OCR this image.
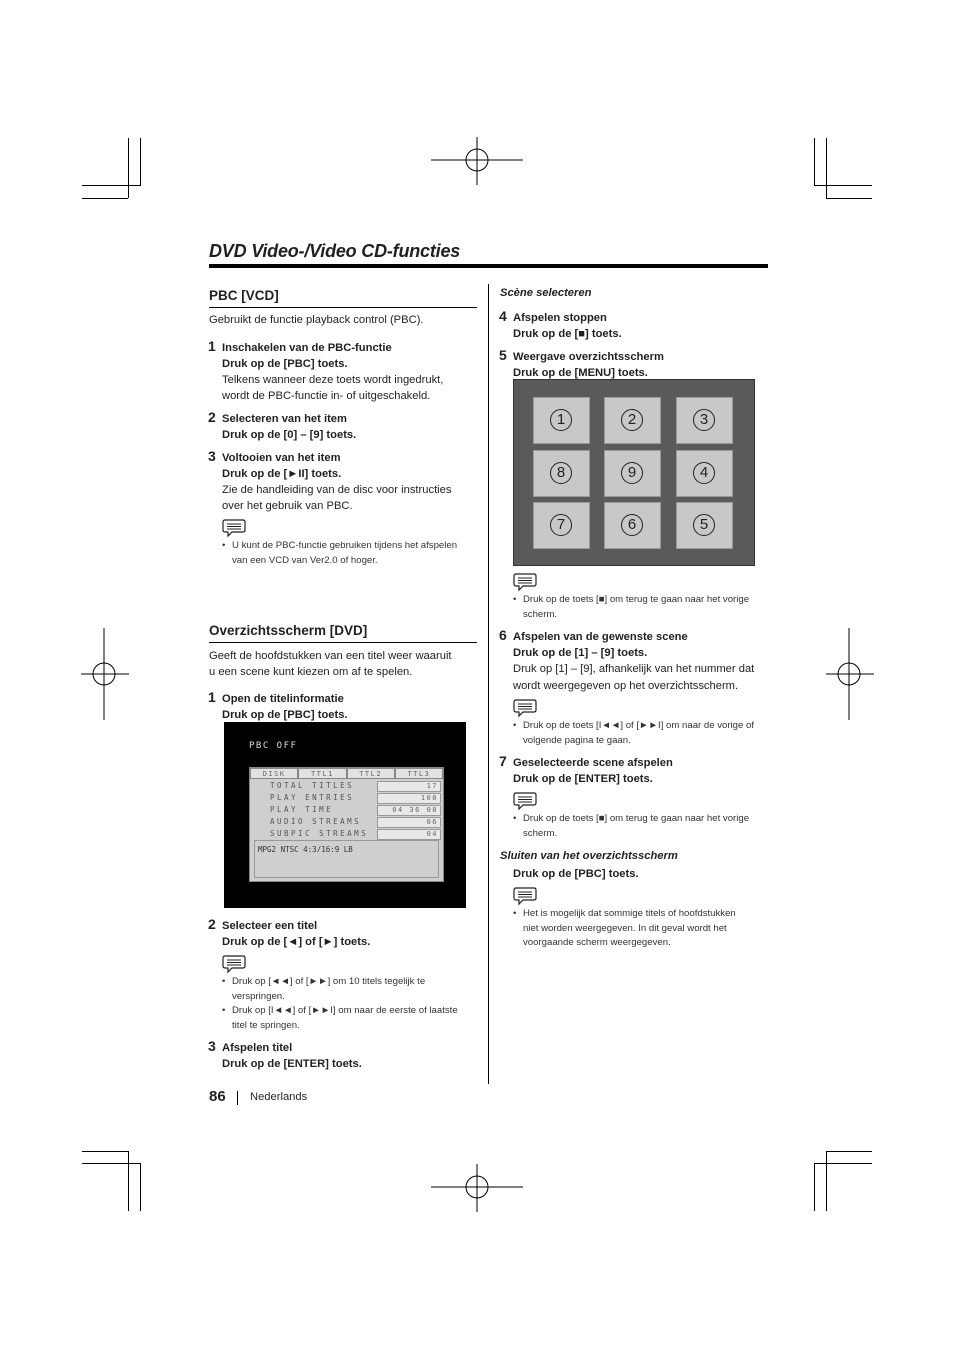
DVD Video-/Video CD-functies
PBC [VCD]
Gebruikt de functie playback control (PBC).
1 Inschakelen van de PBC-functie
Druk op de [PBC] toets.
Telkens wanneer deze toets wordt ingedrukt,
wordt de PBC-functie in- of uitgeschakeld.
2 Selecteren van het item
Druk op de [0] – [9] toets.
3 Voltooien van het item
Druk op de [►II] toets.
Zie de handleiding van de disc voor instructies
over het gebruik van PBC.
• U kunt de PBC-functie gebruiken tijdens het afspelen
van een VCD van Ver2.0 of hoger.
Overzichtsscherm [DVD]
Geeft de hoofdstukken van een titel weer waaruit
u een scene kunt kiezen om af te spelen.
1 Open de titelinformatie
Druk op de [PBC] toets.
PBC OFF
DISK	TTL1	TTL2	TTL3
TOTAL TITLES	17
PLAY ENTRIES	100
PLAY TIME	04 36 08
AUDIO STREAMS	06
SUBPIC STREAMS	04
MPG2 NTSC 4:3/16:9 LB
2 Selecteer een titel
Druk op de [◄] of [►] toets.
• Druk op [◄◄] of [►►] om 10 titels tegelijk te
verspringen.
• Druk op [I◄◄] of [►►I] om naar de eerste of laatste
titel te springen.
3 Afspelen titel
Druk op de [ENTER] toets.
Scène selecteren
4 Afspelen stoppen
Druk op de [■] toets.
5 Weergave overzichtsscherm
Druk op de [MENU] toets.
1	2	3
8	9	4
7	6	5
• Druk op de toets [■] om terug te gaan naar het vorige
scherm.
6 Afspelen van de gewenste scene
Druk op de [1] – [9] toets.
Druk op [1] – [9], afhankelijk van het nummer dat
wordt weergegeven op het overzichtsscherm.
• Druk op de toets [I◄◄] of [►►I] om naar de vorige of
volgende pagina te gaan.
7 Geselecteerde scene afspelen
Druk op de [ENTER] toets.
• Druk op de toets [■] om terug te gaan naar het vorige
scherm.
Sluiten van het overzichtsscherm
Druk op de [PBC] toets.
• Het is mogelijk dat sommige titels of hoofdstukken
niet worden weergegeven. In dit geval wordt het
voorgaande scherm weergegeven.
86 Nederlands
